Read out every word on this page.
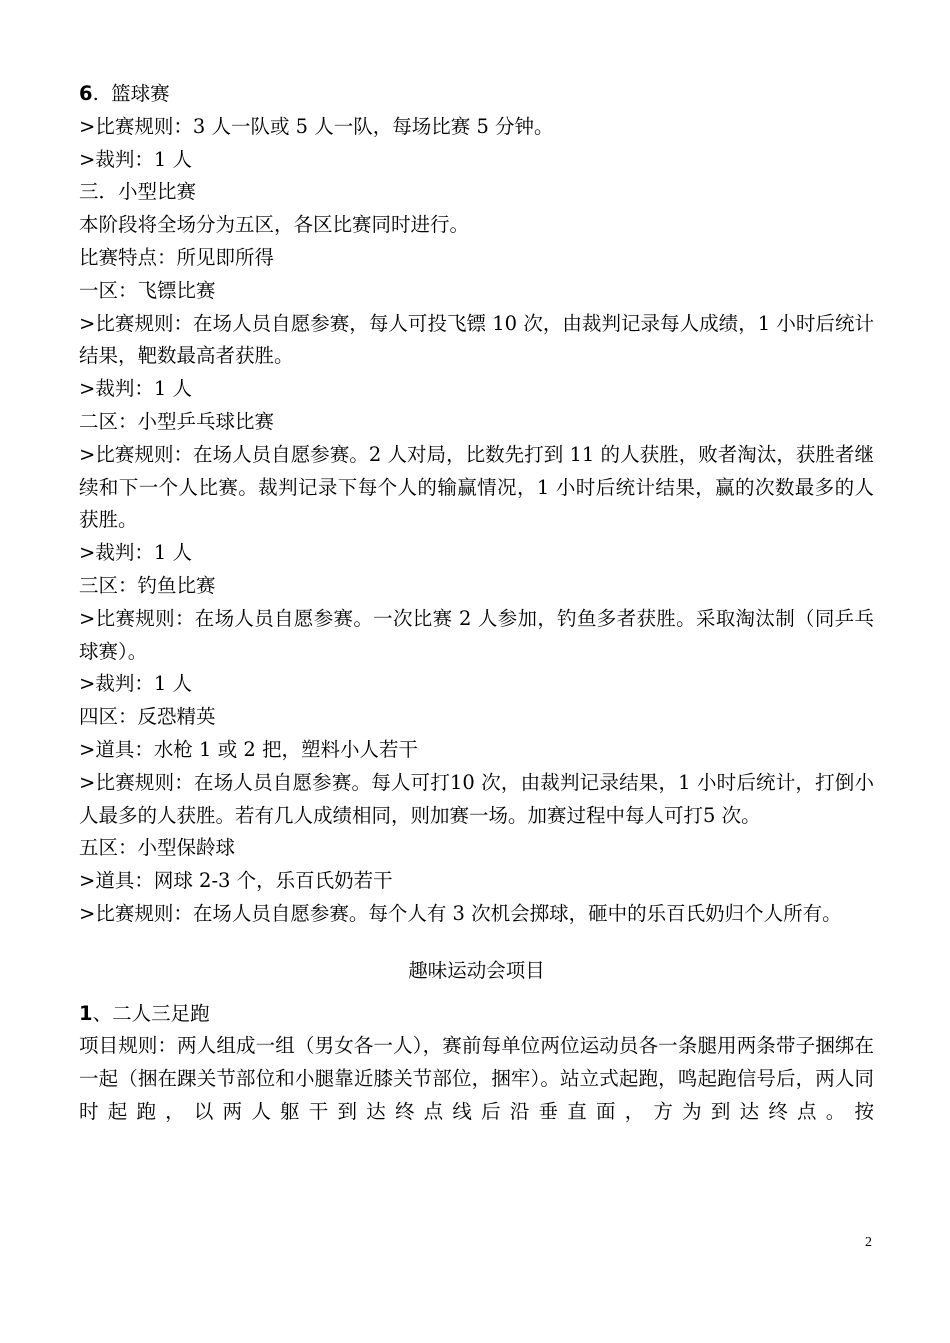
6.  篮球赛

>比赛规则：3 人一队或 5 人一队，每场比赛 5 分钟。

>裁判：1 人

三．小型比赛

本阶段将全场分为五区，各区比赛同时进行。

比赛特点：所见即所得

一区：飞镖比赛

>比赛规则：在场人员自愿参赛，每人可投飞镖 10 次，由裁判记录每人成绩，1 小时后统计结果，靶数最高者获胜。

>裁判：1 人

二区：小型乒乓球比赛

>比赛规则：在场人员自愿参赛。2 人对局，比数先打到 11 的人获胜，败者淘汰，获胜者继续和下一个人比赛。裁判记录下每个人的输赢情况，1 小时后统计结果，赢的次数最多的人获胜。

>裁判：1 人

三区：钓鱼比赛

>比赛规则：在场人员自愿参赛。一次比赛 2 人参加，钓鱼多者获胜。采取淘汰制（同乒乓球赛）。

>裁判：1 人

四区：反恐精英

>道具：水枪 1 或 2 把，塑料小人若干

>比赛规则：在场人员自愿参赛。每人可打10 次，由裁判记录结果，1 小时后统计，打倒小人最多的人获胜。若有几人成绩相同，则加赛一场。加赛过程中每人可打5 次。

五区：小型保龄球

>道具：网球 2-3 个，乐百氏奶若干

>比赛规则：在场人员自愿参赛。每个人有 3 次机会掷球，砸中的乐百氏奶归个人所有。

趣味运动会项目

1、二人三足跑

项目规则：两人组成一组（男女各一人），赛前每单位两位运动员各一条腿用两条带子捆绑在一起（捆在踝关节部位和小腿靠近膝关节部位，捆牢）。站立式起跑，鸣起跑信号后，两人同时起跑，以两人躯干到达终点线后沿垂直面，方为到达终点。按

2
